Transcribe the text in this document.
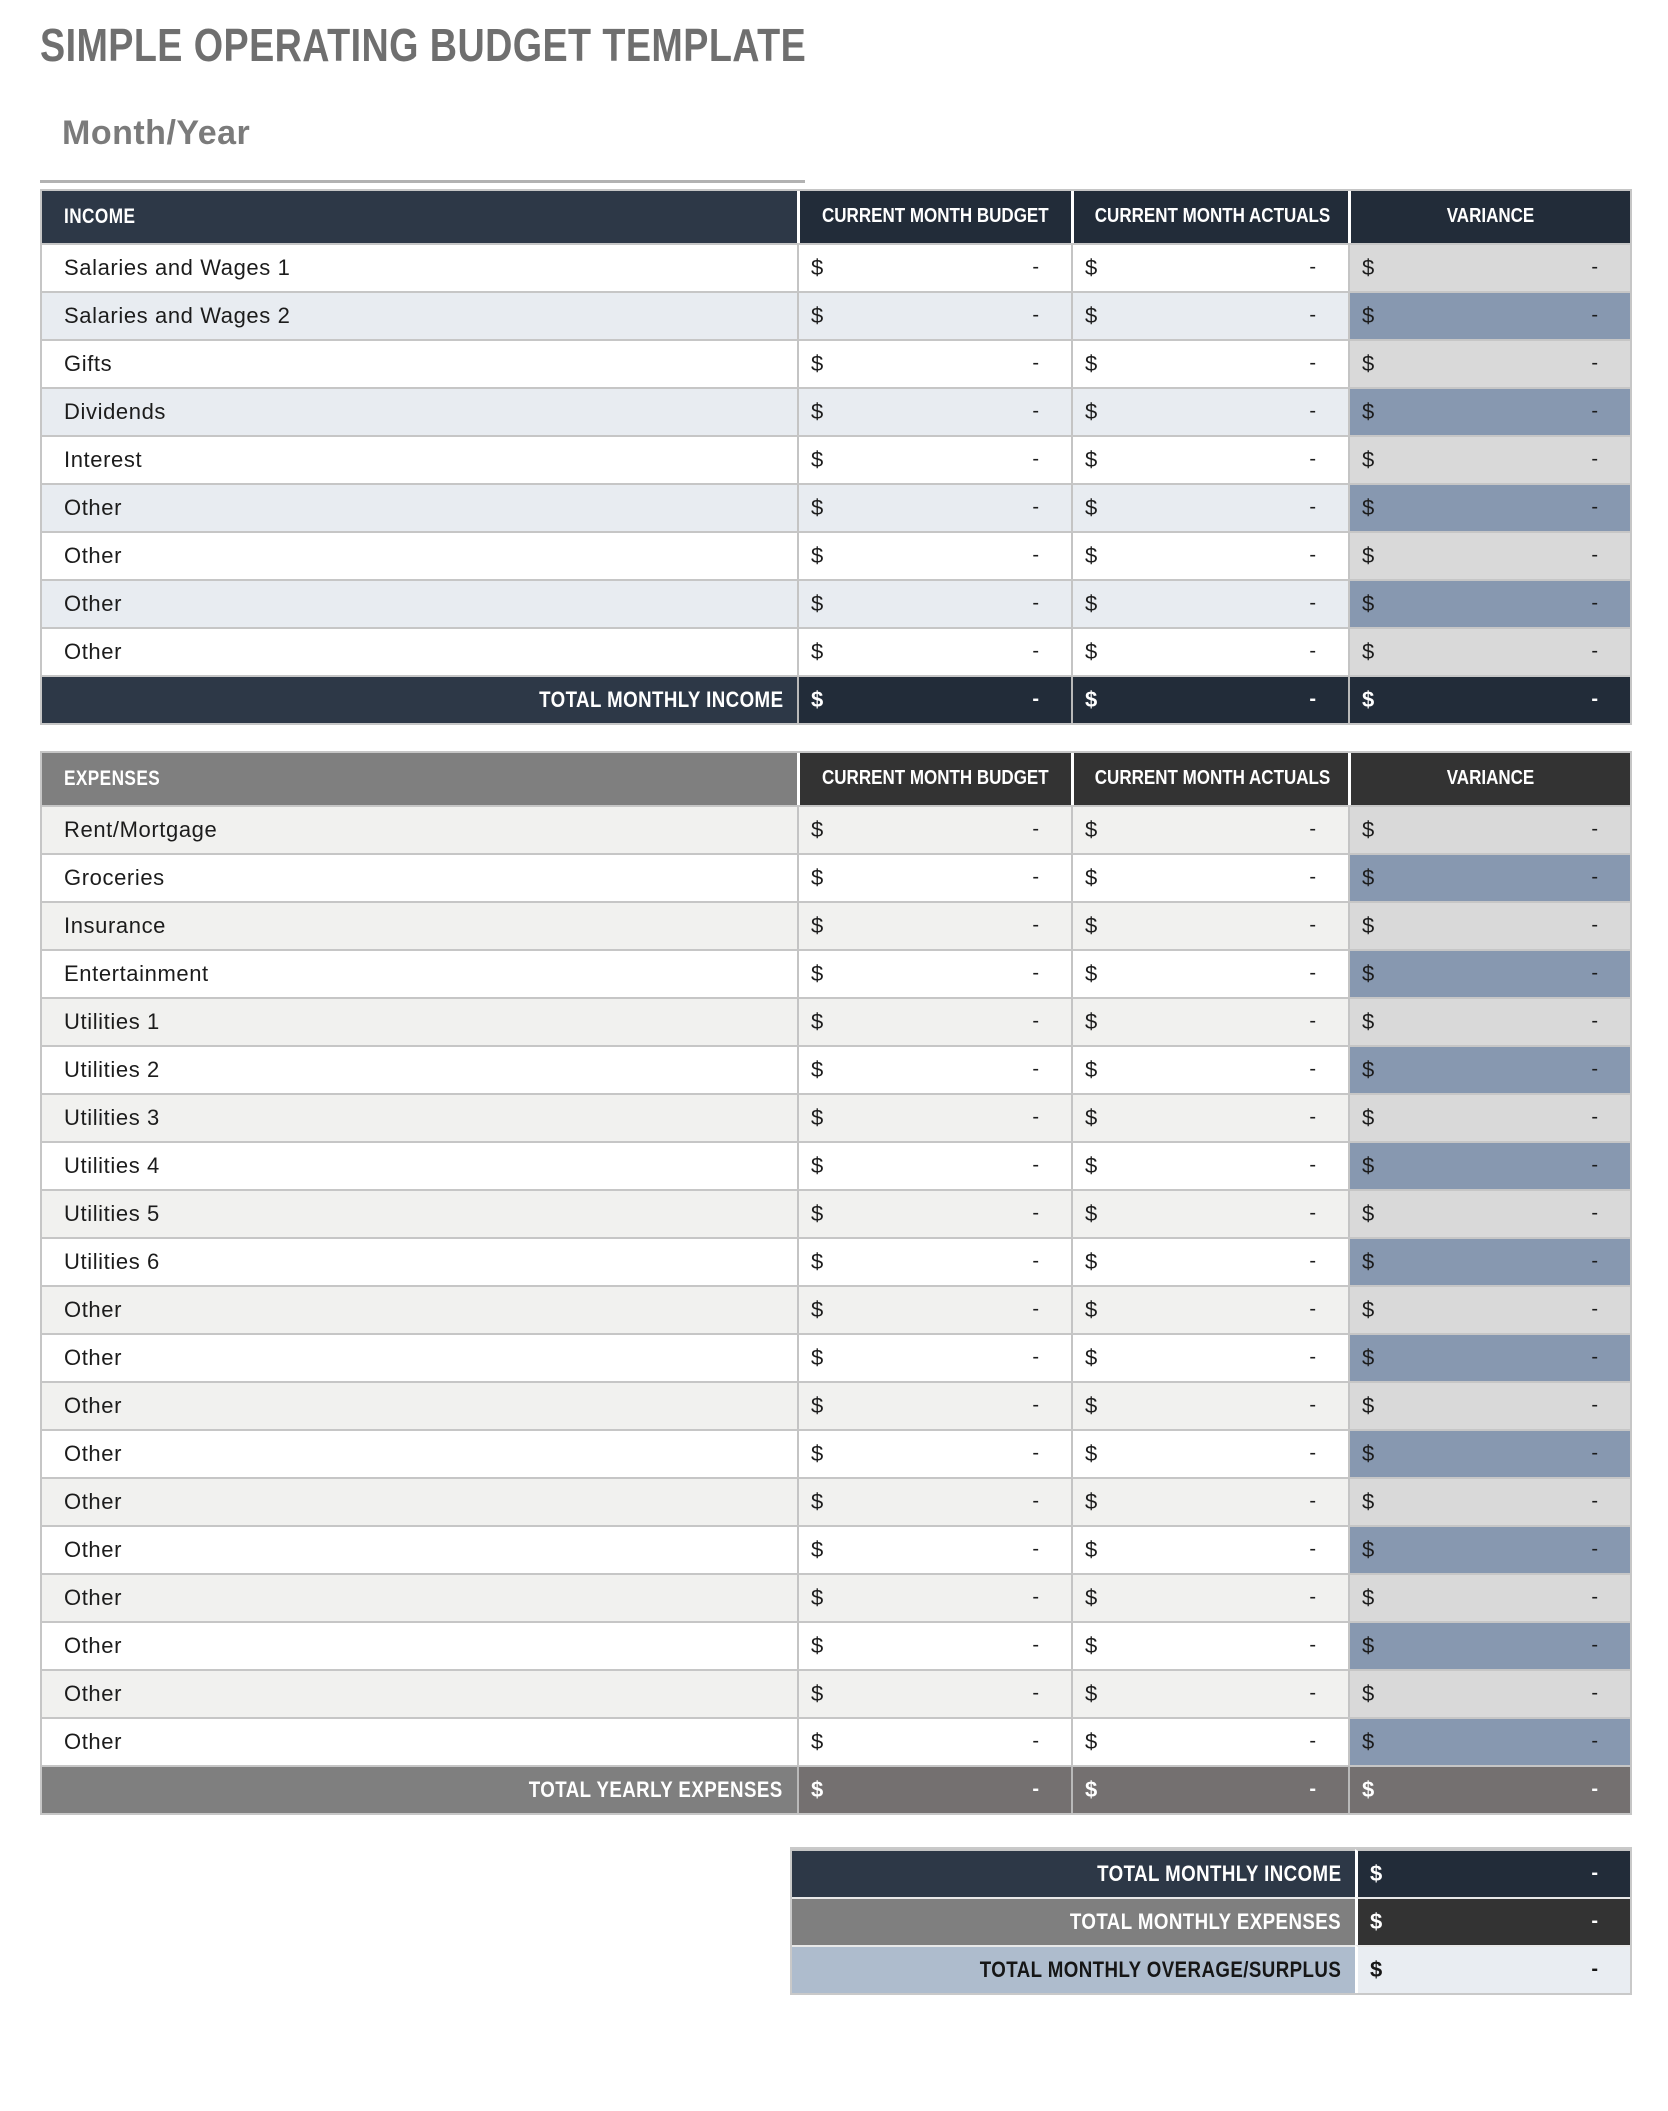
SIMPLE OPERATING BUDGET TEMPLATE
Month/Year
INCOME	CURRENT MONTH BUDGET	CURRENT MONTH ACTUALS	VARIANCE
Salaries and Wages 1	$ -	$ -	$ -

Salaries and Wages 2	$ -	$ -	$ -

Gifts	$ -	$ -	$ -

Dividends	$ -	$ -	$ -

Interest	$ -	$ -	$ -

Other	$ -	$ -	$ -

Other	$ -	$ -	$ -

Other	$ -	$ -	$ -

Other	$ -	$ -	$ -

TOTAL MONTHLY INCOME	$ -	$ -	$ -
EXPENSES	CURRENT MONTH BUDGET	CURRENT MONTH ACTUALS	VARIANCE
Rent/Mortgage	$ -	$ -	$ -

Groceries	$ -	$ -	$ -

Insurance	$ -	$ -	$ -

Entertainment	$ -	$ -	$ -

Utilities 1	$ -	$ -	$ -

Utilities 2	$ -	$ -	$ -

Utilities 3	$ -	$ -	$ -

Utilities 4	$ -	$ -	$ -

Utilities 5	$ -	$ -	$ -

Utilities 6	$ -	$ -	$ -

Other	$ -	$ -	$ -

Other	$ -	$ -	$ -

Other	$ -	$ -	$ -

Other	$ -	$ -	$ -

Other	$ -	$ -	$ -

Other	$ -	$ -	$ -

Other	$ -	$ -	$ -

Other	$ -	$ -	$ -

Other	$ -	$ -	$ -

Other	$ -	$ -	$ -

TOTAL YEARLY EXPENSES	$ -	$ -	$ -
TOTAL MONTHLY INCOME	$ -

TOTAL MONTHLY EXPENSES	$ -

TOTAL MONTHLY OVERAGE/SURPLUS	$ -
